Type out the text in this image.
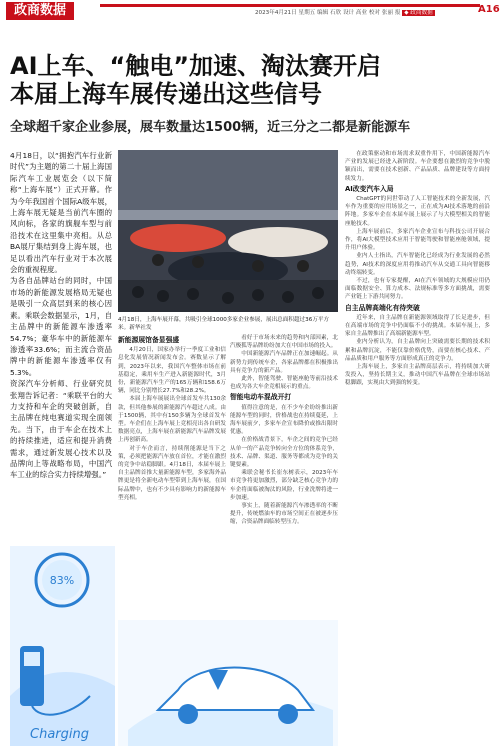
政商数据	2023年4月21日 星期五 编辑 石欣 设计 高业 校对 张丽 报 ◆ 政商数据	A16
AI上车、“触电”加速、淘汰赛开启
本届上海车展传递出这些信号
全球超千家企业参展，展车数量达1500辆，近三分之二都是新能源车

4月18日，以“拥抱汽车行业新时代”为主题的第二十届上海国际汽车工业展览会（以下简称“上海车展”）正式开幕。作为今年我国首个国际A级车展，上海车展无疑是当前汽车圈的风向标，各家的旗舰车型与前沿技术在这里集中亮相。从总BA展厅集结到身上海车展，也足以看出汽车行业对于本次展会的重视程度。

为各自品牌站台的同时，中国市场的新能源发展格局无疑也是吸引一众高层到来的核心因素。乘联会数据显示，1月，自主品牌中的新能源车渗透率54.7%；豪华车中的新能源车渗透率33.6%；而主流合资品牌中的新能源车渗透率仅有5.3%。

资深汽车分析师、行业研究员张翔告诉记者：“乘联平台的大力支持和车企的突破创新，自主品牌在纯电赛道实现全面领先。当下，由于车企在技术上的持续推进，适应和提升消费需求，通过新发展心技术以及品牌向上等战略布局，中国汽车工业的综合实力持续增强。”

4月18日，上海车展开幕，共吸引全球1000多家企业参展，展出总面积超过36万平方米。新华社发
新能源展馆备显强盛

4月20日，国家办举行一季度工业和信息化发展情况新闻发布会。赛数显示了解到，2023年以来，我国汽车整体市场在前基稳定，乘用车生产进入新能源时代，3月份，新能源汽车生产的165万辆和158.6万辆，同比分别增长27.7%和28.2%。

本届上海车展展出全球首发车共130余款，但其他参展的新能源汽车超过八成。由于1500辆，其中有150多辆为全球首发车型。车企们在上海车展上竞相亮出各自研发数据亮点，上海车展在新能源汽车品牌发展上再创新高。

对于车企而言，持续削能源是当下之策，必须把能源汽车放在首位，才能在激烈的竞争中站稳脚跟。4月18日，本届车展上自主品牌首推大量新能源车型，多家海外品牌更是将全新电动车型带到上海车展，在国际品牌中，也有不少具有影响力的新能源车型亮相。

看好于市场未来的趋势和内部因素，北汽极狐等品牌纷纷加大在中国市场的投入。

中国新能源汽车品牌正在加速崛起。从新势力到传统车企，各家品牌都在积极推出具有竞争力的新产品。

此外，智能驾驶、智能座舱等前沿技术也成为各大车企竞相展示的重点。

智能电动车混战开打

值得注意的是，在不少车企纷纷推出新能源车型的同时，价格战也在持续蔓延，上海车展前夕，多家车企宣布降价或推出限时优惠。

在价格战背景下，车企之间的竞争已经从单一的产品竞争转向全方位的体系竞争，技术、品牌、渠道、服务等都成为竞争的关键要素。

乘联会秘书长崔东树表示，2023年车市竞争将更加激烈，部分缺乏核心竞争力的车企将面临被淘汰的风险，行业洗牌将进一步加速。

事实上，随着新能源汽车渗透率的不断提升，传统燃油车的市场空间正在被逐步压缩，合资品牌面临转型压力。

在政策驱动和市场需求双重作用下，中国新能源汽车产业的发展已经进入新阶段。车企要想在激烈的竞争中脱颖而出，需要在技术创新、产品品质、品牌建设等方面持续发力。

AI改变汽车入局

ChatGPT的问世带动了人工智能技术的全新发展，汽车作为重要的应用场景之一，正在成为AI技术落地的前沿阵地。多家车企在本届车展上展示了与大模型相关的智能座舱技术。

上海车展前后，多家汽车企业宣布与科技公司开展合作，将AI大模型技术应用于智能驾驶和智能座舱领域，提升用户体验。

业内人士指出，汽车智能化已经成为行业发展的必然趋势，AI技术的深度应用将推动汽车从交通工具向智能移动终端转变。

不过，也有专家提醒，AI在汽车领域的大规模应用仍面临数据安全、算力成本、法规标准等多方面挑战，需要产业链上下游共同努力。

自主品牌高端化有待突破

近年来，自主品牌在新能源领域取得了长足进步，但在高端市场的竞争中仍面临不小的挑战。本届车展上，多家自主品牌推出了高端新能源车型。

业内分析认为，自主品牌向上突破需要长期的技术积累和品牌沉淀，不能仅靠价格优势，而要在核心技术、产品品质和用户服务等方面形成真正的竞争力。

上海车展上，多家自主品牌高层表示，将持续加大研发投入，坚持长期主义，推动中国汽车品牌在全球市场站稳脚跟，实现由大到强的转变。

83%
Charging
